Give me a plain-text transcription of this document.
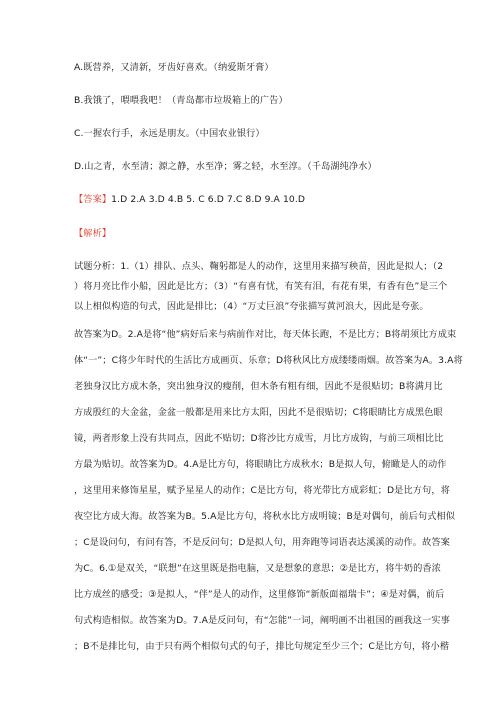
A.既营养，又清新，牙齿好喜欢。（纳爱斯牙膏）
B.我饿了，喂喂我吧！（青岛都市垃圾箱上的广告）
C.一握农行手，永远是朋友。（中国农业银行）
D.山之青，水至清；源之静，水至净；雾之轻，水至淳。（千岛湖纯净水）
【答案】1.D 2.A 3.D 4.B 5. C 6.D 7.C 8.D 9.A 10.D
【解析】
试题分析：1.（1）排队、点头、鞠躬都是人的动作，这里用来描写秧苗，因此是拟人；（2
）将月亮比作小船，因此是比方；（3）“有喜有忧，有笑有泪，有花有果，有香有色”是三个
以上相似构造的句式，因此是排比；（4）“万丈巨浪”夸张描写黄河浪大，因此是夸张。
故答案为D。2.A是将“他”病好后来与病前作对比，每天体长跑，不是比方；B将胡须比方成束
体“一”；C将少年时代的生活比方成画页、乐章；D将秋风比方成缕缕雨烟。故答案为A。3.A将
老独身汉比方成木条，突出独身汉的瘦削，但木条有粗有细，因此不是很贴切；B将满月比
方成殷红的大金盆，金盆一般都是用来比方太阳，因此不是很贴切；C将眼睛比方成黑色眼
镜，两者形象上没有共同点，因此不贴切；D将沙比方成雪，月比方成钩，与前三项相比比
方最为贴切。故答案为D。4.A是比方句，将眼睛比方成秋水；B是拟人句，俯瞰是人的动作
，这里用来修饰星星，赋予星星人的动作；C是比方句，将光带比方成彩虹；D是比方句，将
夜空比方成大海。故答案为B。5.A是比方句，将秋水比方成明镜；B是对偶句，前后句式相似
；C是设问句，有问有答，不是反问句；D是拟人句，用奔跑等词语表达溪溪的动作。故答案
为C。6.①是双关，“联想”在这里既是指电脑，又是想象的意思；②是比方，将牛奶的香浓
比方成丝的感受；③是拟人，“伴”是人的动作，这里修饰“新版面福瑞卡”；④是对偶，前后
句式构造相似。故答案为D。7.A是反问句，有“怎能”一词，阐明画不出祖国的画我这一实事
；B不是排比句，由于只有两个相似句式的句子，排比句规定至少三个；C是比方句，将小楷
